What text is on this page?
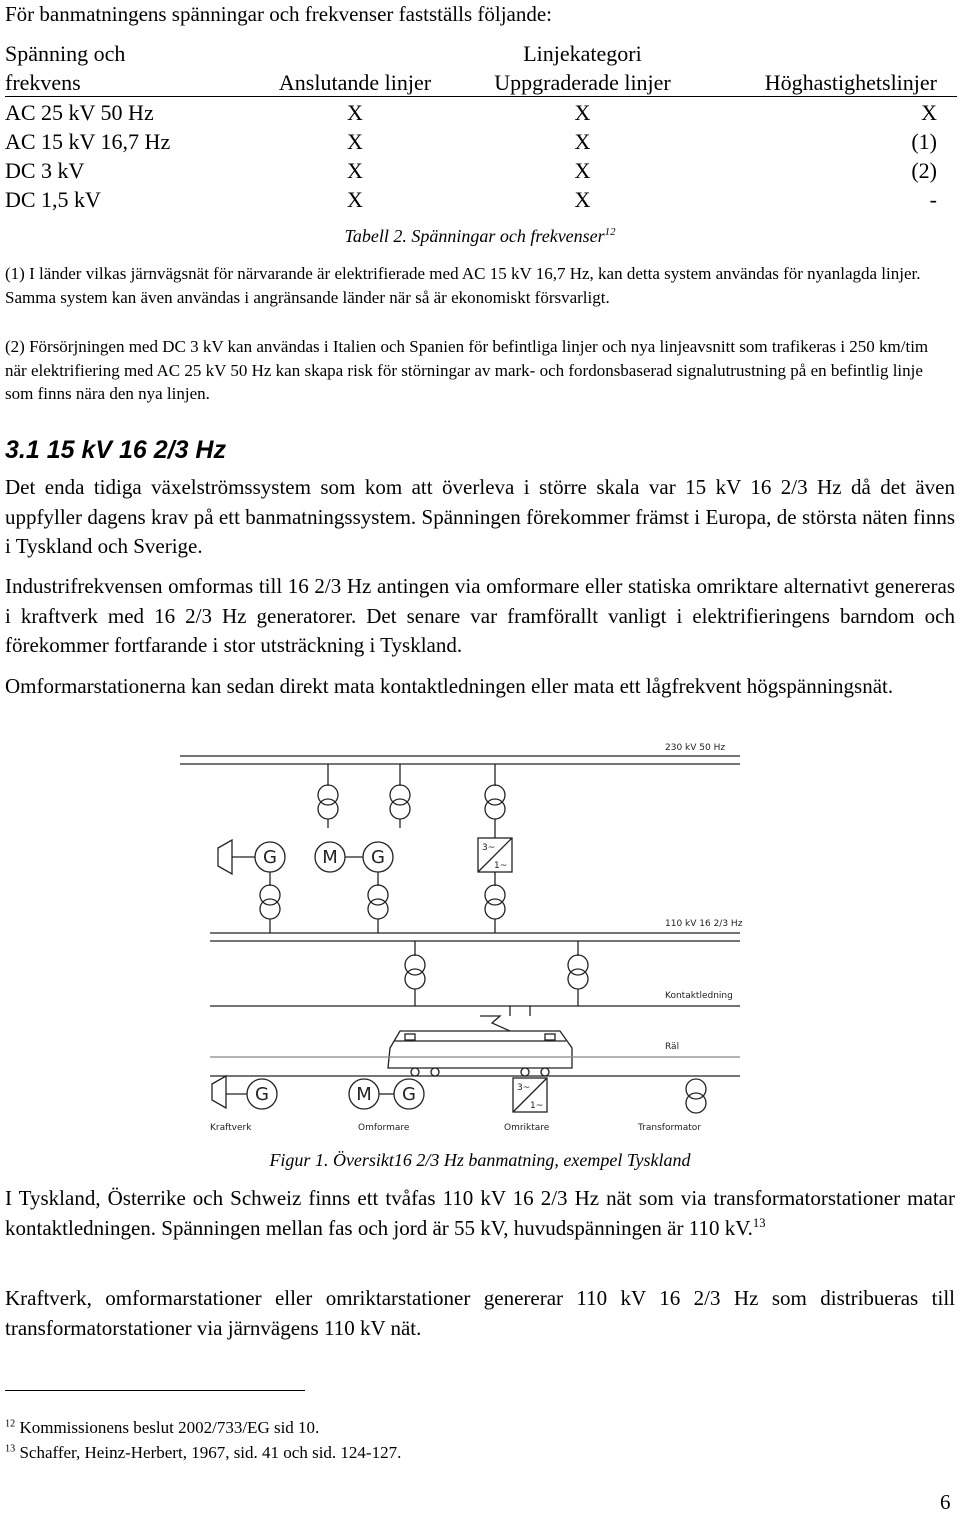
För banmatningens spänningar och frekvenser fastställs följande:
Spänning och		Linjekategori	
frekvens	Anslutande linjer	Uppgraderade linjer	Höghastighetslinjer
AC 25 kV 50 Hz	X	X	X
AC 15 kV 16,7 Hz	X	X	(1)
DC 3 kV	X	X	(2)
DC 1,5 kV	X	X	-
Tabell 2. Spänningar och frekvenser$^{12}$
(1) I länder vilkas järnvägsnät för närvarande är elektrifierade med AC 15 kV 16,7 Hz, kan detta system användas för nyanlagda linjer. Samma system kan även användas i angränsande länder när så är ekonomiskt försvarligt.
(2) Försörjningen med DC 3 kV kan användas i Italien och Spanien för befintliga linjer och nya linjeavsnitt som trafikeras i 250 km/tim när elektrifiering med AC 25 kV 50 Hz kan skapa risk för störningar av mark- och fordonsbaserad signalutrustning på en befintlig linje som finns nära den nya linjen.
3.1 15 kV 16 2/3 Hz
Det enda tidiga växelströmssystem som kom att överleva i större skala var 15 kV 16 2/3 Hz då det även uppfyller dagens krav på ett banmatningssystem. Spänningen förekommer främst i Europa, de största näten finns i Tyskland och Sverige.
Industrifrekvensen omformas till 16 2/3 Hz antingen via omformare eller statiska omriktare alternativt genereras i kraftverk med 16 2/3 Hz generatorer. Det senare var framförallt vanligt i elektrifieringens barndom och förekommer fortfarande i stor utsträckning i Tyskland.
Omformarstationerna kan sedan direkt mata kontaktledningen eller mata ett lågfrekvent högspänningsnät.
G	M G	3~
1~
230 kV 50 Hz
110 kV 16 2/3 Hz
Kontaktledning
Räl
G	M G	3~
1~
Kraftverk	Omformare	Omriktare	Transformator
Figur 1. Översikt16 2/3 Hz banmatning, exempel Tyskland
I Tyskland, Österrike och Schweiz finns ett tvåfas 110 kV 16 2/3 Hz nät som via transformatorstationer matar kontaktledningen. Spänningen mellan fas och jord är 55 kV, huvudspänningen är 110 kV.$^{13}$
Kraftverk, omformarstationer eller omriktarstationer genererar 110 kV 16 2/3 Hz som distribueras till transformatorstationer via järnvägens 110 kV nät.
$^{12}$ Kommissionens beslut 2002/733/EG sid 10.
$^{13}$ Schaffer, Heinz-Herbert, 1967, sid. 41 och sid. 124-127.
6
